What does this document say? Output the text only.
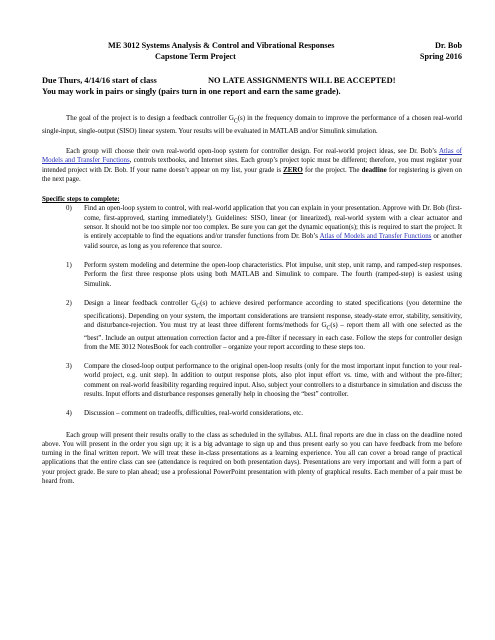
ME 3012 Systems Analysis & Control and Vibrational Responses
Capstone Term Project
Dr. Bob
Spring 2016
Due Thurs, 4/14/16 start of class	NO LATE ASSIGNMENTS WILL BE ACCEPTED!
You may work in pairs or singly (pairs turn in one report and earn the same grade).

The goal of the project is to design a feedback controller $G_C(s)$ in the frequency domain to improve the performance of a chosen real-world single-input, single-output (SISO) linear system. Your results will be evaluated in MATLAB and/or Simulink simulation.

Each group will choose their own real-world open-loop system for controller design. For real-world project ideas, see Dr. Bob’s Atlas of Models and Transfer Functions, controls textbooks, and Internet sites. Each group’s project topic must be different; therefore, you must register your intended project with Dr. Bob. If your name doesn’t appear on my list, your grade is ZERO for the project. The deadline for registering is given on the next page.

Specific steps to complete:
0) Find an open-loop system to control, with real-world application that you can explain in your presentation. Approve with Dr. Bob (first-come, first-approved, starting immediately!). Guidelines: SISO, linear (or linearized), real-world system with a clear actuator and sensor. It should not be too simple nor too complex. Be sure you can get the dynamic equation(s); this is required to start the project. It is entirely acceptable to find the equations and/or transfer functions from Dr. Bob’s Atlas of Models and Transfer Functions or another valid source, as long as you reference that source.
1) Perform system modeling and determine the open-loop characteristics. Plot impulse, unit step, unit ramp, and ramped-step responses. Perform the first three response plots using both MATLAB and Simulink to compare. The fourth (ramped-step) is easiest using Simulink.
2) Design a linear feedback controller $G_C(s)$ to achieve desired performance according to stated specifications (you determine the specifications). Depending on your system, the important considerations are transient response, steady-state error, stability, sensitivity, and disturbance-rejection. You must try at least three different forms/methods for $G_C(s)$ – report them all with one selected as the “best”. Include an output attenuation correction factor and a pre-filter if necessary in each case. Follow the steps for controller design from the ME 3012 NotesBook for each controller – organize your report according to these steps too.
3) Compare the closed-loop output performance to the original open-loop results (only for the most important input function to your real-world project, e.g. unit step). In addition to output response plots, also plot input effort vs. time, with and without the pre-filter; comment on real-world feasibility regarding required input. Also, subject your controllers to a disturbance in simulation and discuss the results. Input efforts and disturbance responses generally help in choosing the “best” controller.
4) Discussion – comment on tradeoffs, difficulties, real-world considerations, etc.

Each group will present their results orally to the class as scheduled in the syllabus. ALL final reports are due in class on the deadline noted above. You will present in the order you sign up; it is a big advantage to sign up and thus present early so you can have feedback from me before turning in the final written report. We will treat these in-class presentations as a learning experience. You all can cover a broad range of practical applications that the entire class can see (attendance is required on both presentation days). Presentations are very important and will form a part of your project grade. Be sure to plan ahead; use a professional PowerPoint presentation with plenty of graphical results. Each member of a pair must be heard from.
